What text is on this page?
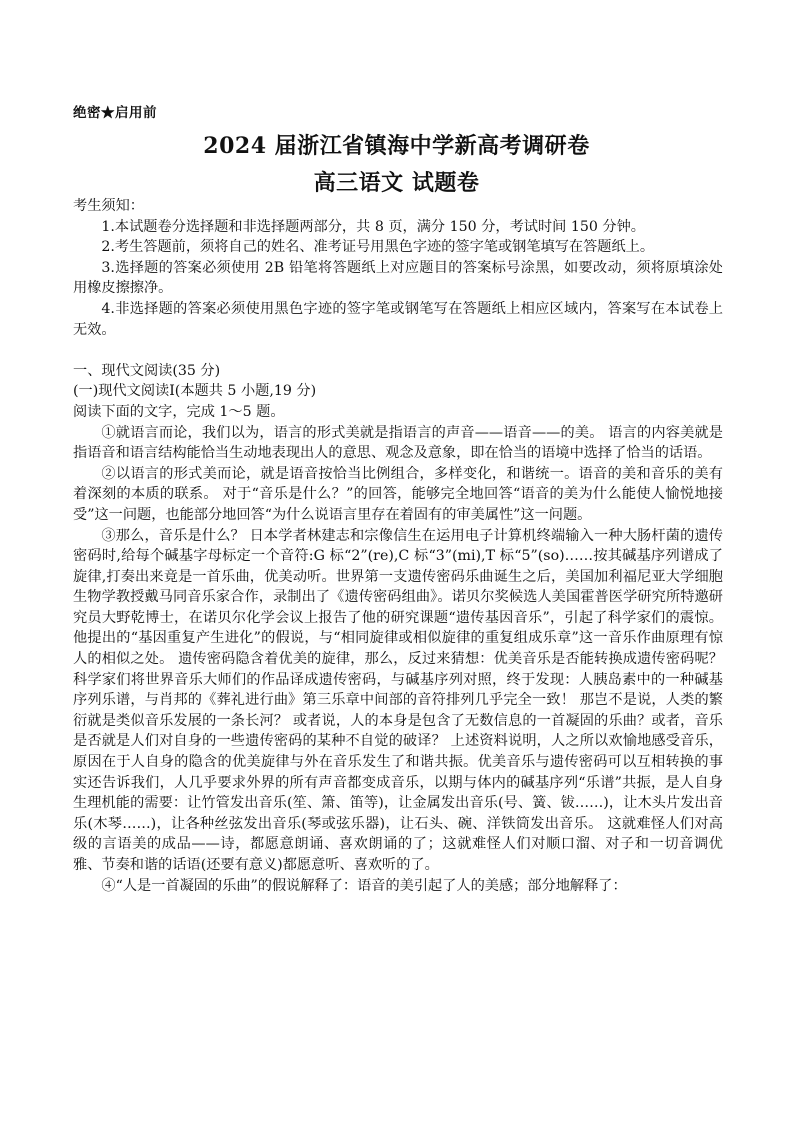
绝密★启用前
2024 届浙江省镇海中学新高考调研卷
高三语文 试题卷

考生须知：

1.本试题卷分选择题和非选择题两部分，共 8 页，满分 150 分，考试时间 150 分钟。

2.考生答题前，须将自己的姓名、准考证号用黑色字迹的签字笔或钢笔填写在答题纸上。

3.选择题的答案必须使用 2B 铅笔将答题纸上对应题目的答案标号涂黑，如要改动，须将原填涂处用橡皮擦擦净。

4.非选择题的答案必须使用黑色字迹的签字笔或钢笔写在答题纸上相应区域内，答案写在本试卷上无效。

一、现代文阅读(35 分)

(一)现代文阅读Ⅰ(本题共 5 小题,19 分)

阅读下面的文字，完成 1～5 题。

①就语言而论，我们以为，语言的形式美就是指语言的声音——语音——的美。 语言的内容美就是指语音和语言结构能恰当生动地表现出人的意思、观念及意象，即在恰当的语境中选择了恰当的话语。

②以语言的形式美而论，就是语音按恰当比例组合，多样变化，和谐统一。语音的美和音乐的美有着深刻的本质的联系。 对于“音乐是什么？”的回答，能够完全地回答“语音的美为什么能使人愉悦地接受”这一问题，也能部分地回答“为什么说语言里存在着固有的审美属性”这一问题。

③那么，音乐是什么？ 日本学者林建志和宗像信生在运用电子计算机终端输入一种大肠杆菌的遗传密码时,给每个碱基字母标定一个音符:G 标“2”(re),C 标“3”(mi),T 标“5”(so)……按其碱基序列谱成了旋律,打奏出来竟是一首乐曲，优美动听。世界第一支遗传密码乐曲诞生之后，美国加利福尼亚大学细胞生物学教授戴马同音乐家合作，录制出了《遗传密码组曲》。诺贝尔奖候选人美国霍普医学研究所特邀研究员大野乾博士，在诺贝尔化学会议上报告了他的研究课题“遗传基因音乐”，引起了科学家们的震惊。他提出的“基因重复产生进化”的假说，与“相同旋律或相似旋律的重复组成乐章”这一音乐作曲原理有惊人的相似之处。 遗传密码隐含着优美的旋律，那么，反过来猜想：优美音乐是否能转换成遗传密码呢？ 科学家们将世界音乐大师们的作品译成遗传密码，与碱基序列对照，终于发现：人胰岛素中的一种碱基序列乐谱，与肖邦的《葬礼进行曲》第三乐章中间部的音符排列几乎完全一致！ 那岂不是说，人类的繁衍就是类似音乐发展的一条长河？ 或者说，人的本身是包含了无数信息的一首凝固的乐曲？或者，音乐是否就是人们对自身的一些遗传密码的某种不自觉的破译？ 上述资料说明，人之所以欢愉地感受音乐，原因在于人自身的隐含的优美旋律与外在音乐发生了和谐共振。优美音乐与遗传密码可以互相转换的事实还告诉我们，人几乎要求外界的所有声音都变成音乐，以期与体内的碱基序列“乐谱”共振，是人自身生理机能的需要：让竹管发出音乐(笙、箫、笛等)，让金属发出音乐(号、簧、钹……)，让木头片发出音乐(木琴……)，让各种丝弦发出音乐(琴或弦乐器)，让石头、碗、洋铁筒发出音乐。 这就难怪人们对高级的言语美的成品——诗，都愿意朗诵、喜欢朗诵的了；这就难怪人们对顺口溜、对子和一切音调优雅、节奏和谐的话语(还要有意义)都愿意听、喜欢听的了。

④“人是一首凝固的乐曲”的假说解释了：语音的美引起了人的美感；部分地解释了：
